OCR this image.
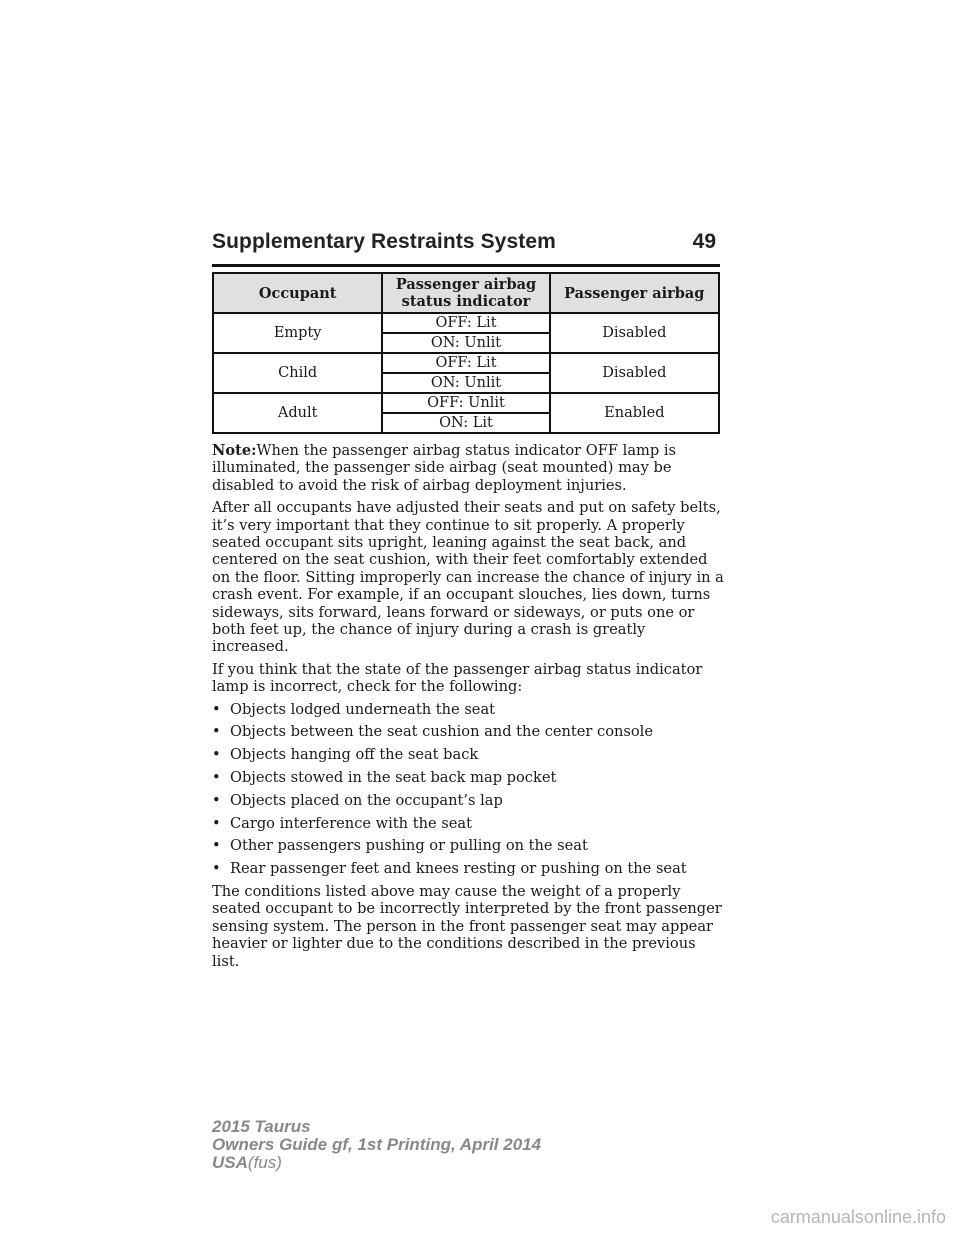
Supplementary Restraints System	49
Occupant	Passenger airbag status indicator	Passenger airbag
Empty	OFF: Lit	Disabled
	ON: Unlit	
Child	OFF: Lit	Disabled
	ON: Unlit	
Adult	OFF: Unlit	Enabled
	ON: Lit	

Note:When the passenger airbag status indicator OFF lamp is illuminated, the passenger side airbag (seat mounted) may be disabled to avoid the risk of airbag deployment injuries.

After all occupants have adjusted their seats and put on safety belts, it’s very important that they continue to sit properly. A properly seated occupant sits upright, leaning against the seat back, and centered on the seat cushion, with their feet comfortably extended on the floor. Sitting improperly can increase the chance of injury in a crash event. For example, if an occupant slouches, lies down, turns sideways, sits forward, leans forward or sideways, or puts one or both feet up, the chance of injury during a crash is greatly increased.

If you think that the state of the passenger airbag status indicator lamp is incorrect, check for the following:

• Objects lodged underneath the seat
• Objects between the seat cushion and the center console
• Objects hanging off the seat back
• Objects stowed in the seat back map pocket
• Objects placed on the occupant’s lap
• Cargo interference with the seat
• Other passengers pushing or pulling on the seat
• Rear passenger feet and knees resting or pushing on the seat

The conditions listed above may cause the weight of a properly seated occupant to be incorrectly interpreted by the front passenger sensing system. The person in the front passenger seat may appear heavier or lighter due to the conditions described in the previous list.

2015 Taurus
Owners Guide gf, 1st Printing, April 2014
USA(fus)
carmanualsonline.info
